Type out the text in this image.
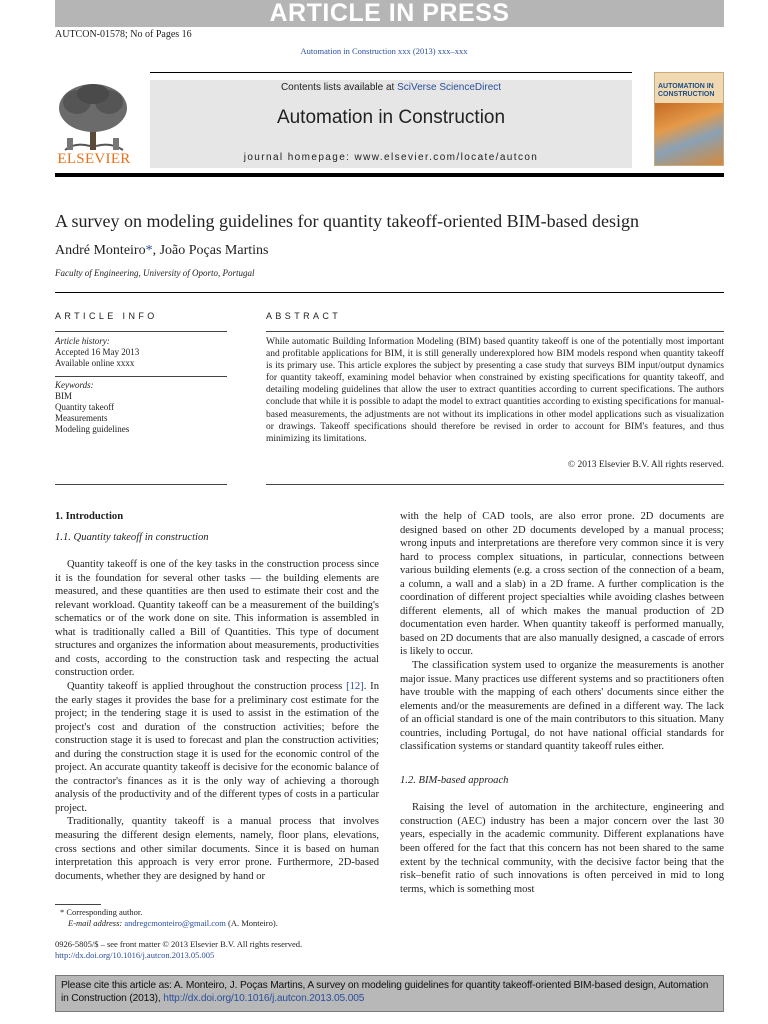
ARTICLE IN PRESS
AUTCON-01578; No of Pages 16
Automation in Construction xxx (2013) xxx–xxx
ELSEVIER
Contents lists available at SciVerse ScienceDirect
Automation in Construction
journal homepage: www.elsevier.com/locate/autcon
AUTOMATION IN CONSTRUCTION
A survey on modeling guidelines for quantity takeoff-oriented BIM-based design
André Monteiro*, João Poças Martins
Faculty of Engineering, University of Oporto, Portugal
ARTICLE INFO
Article history:
Accepted 16 May 2013
Available online xxxx
Keywords:
BIM
Quantity takeoff
Measurements
Modeling guidelines
ABSTRACT
While automatic Building Information Modeling (BIM) based quantity takeoff is one of the potentially most important and profitable applications for BIM, it is still generally underexplored how BIM models respond when quantity takeoff is its primary use. This article explores the subject by presenting a case study that surveys BIM input/output dynamics for quantity takeoff, examining model behavior when constrained by existing specifications for quantity takeoff, and detailing modeling guidelines that allow the user to extract quantities according to current specifications. The authors conclude that while it is possible to adapt the model to extract quantities according to existing specifications for manual-based measurements, the adjustments are not without its implications in other model applications such as visualization or drawings. Takeoff specifications should therefore be revised in order to account for BIM's features, and thus minimizing its limitations.
© 2013 Elsevier B.V. All rights reserved.

1. Introduction

1.1. Quantity takeoff in construction

Quantity takeoff is one of the key tasks in the construction process since it is the foundation for several other tasks — the building elements are measured, and these quantities are then used to estimate their cost and the relevant workload. Quantity takeoff can be a measurement of the building's schematics or of the work done on site. This information is assembled in what is traditionally called a Bill of Quantities. This type of document structures and organizes the information about measurements, productivities and costs, according to the construction task and respecting the actual construction order.

Quantity takeoff is applied throughout the construction process [12]. In the early stages it provides the base for a preliminary cost estimate for the project; in the tendering stage it is used to assist in the estimation of the project's cost and duration of the construction activities; before the construction stage it is used to forecast and plan the construction activities; and during the construction stage it is used for the economic control of the project. An accurate quantity takeoff is decisive for the economic balance of the contractor's finances as it is the only way of achieving a thorough analysis of the productivity and of the different types of costs in a particular project.

Traditionally, quantity takeoff is a manual process that involves measuring the different design elements, namely, floor plans, elevations, cross sections and other similar documents. Since it is based on human interpretation this approach is very error prone. Furthermore, 2D-based documents, whether they are designed by hand or

with the help of CAD tools, are also error prone. 2D documents are designed based on other 2D documents developed by a manual process; wrong inputs and interpretations are therefore very common since it is very hard to process complex situations, in particular, connections between various building elements (e.g. a cross section of the connection of a beam, a column, a wall and a slab) in a 2D frame. A further complication is the coordination of different project specialties while avoiding clashes between different elements, all of which makes the manual production of 2D documentation even harder. When quantity takeoff is performed manually, based on 2D documents that are also manually designed, a cascade of errors is likely to occur.

The classification system used to organize the measurements is another major issue. Many practices use different systems and so practitioners often have trouble with the mapping of each others' documents since either the elements and/or the measurements are defined in a different way. The lack of an official standard is one of the main contributors to this situation. Many countries, including Portugal, do not have national official standards for classification systems or standard quantity takeoff rules either.

1.2. BIM-based approach

Raising the level of automation in the architecture, engineering and construction (AEC) industry has been a major concern over the last 30 years, especially in the academic community. Different explanations have been offered for the fact that this concern has not been shared to the same extent by the technical community, with the decisive factor being that the risk–benefit ratio of such innovations is often perceived in mid to long terms, which is something most

* Corresponding author.
E-mail address: andregcmonteiro@gmail.com (A. Monteiro).
0926-5805/$ – see front matter © 2013 Elsevier B.V. All rights reserved.
http://dx.doi.org/10.1016/j.autcon.2013.05.005
Please cite this article as: A. Monteiro, J. Poças Martins, A survey on modeling guidelines for quantity takeoff-oriented BIM-based design, Automation in Construction (2013), http://dx.doi.org/10.1016/j.autcon.2013.05.005
